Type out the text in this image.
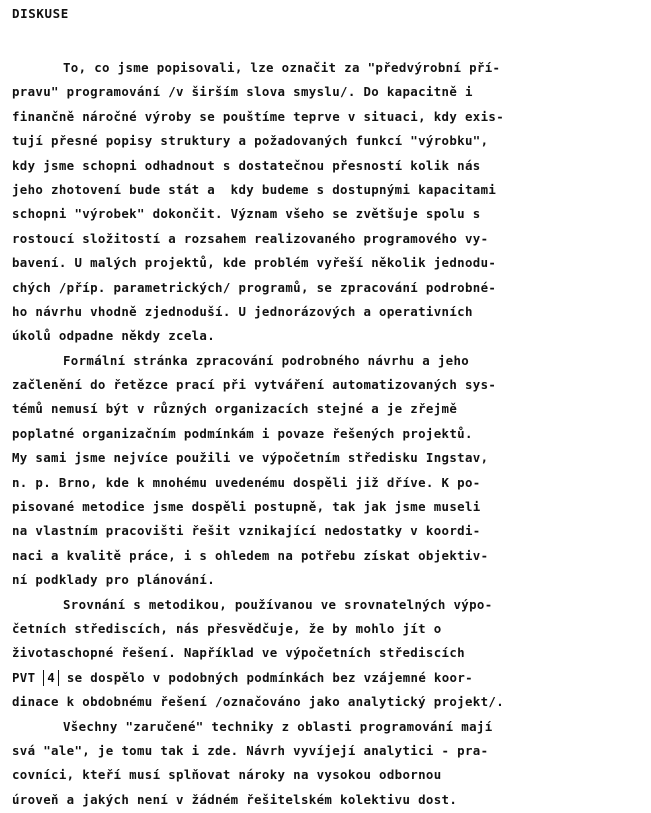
DISKUSE
To, co jsme popisovali, lze označit za "předvýrobní pří-
pravu" programování /v širším slova smyslu/. Do kapacitně i
finančně náročné výroby se pouštíme teprve v situaci, kdy exis-
tují přesné popisy struktury a požadovaných funkcí "výrobku",
kdy jsme schopni odhadnout s dostatečnou přesností kolik nás
jeho zhotovení bude stát a  kdy budeme s dostupnými kapacitami
schopni "výrobek" dokončit. Význam všeho se zvětšuje spolu s
rostoucí složitostí a rozsahem realizovaného programového vy-
bavení. U malých projektů, kde problém vyřeší několik jednodu-
chých /příp. parametrických/ programů, se zpracování podrobné-
ho návrhu vhodně zjednoduší. U jednorázových a operativních
úkolů odpadne někdy zcela.
Formální stránka zpracování podrobného návrhu a jeho
začlenění do řetězce prací při vytváření automatizovaných sys-
témů nemusí být v různých organizacích stejné a je zřejmě
poplatné organizačním podmínkám i povaze řešených projektů.
My sami jsme nejvíce použili ve výpočetním středisku Ingstav,
n. p. Brno, kde k mnohému uvedenému dospěli již dříve. K po-
pisované metodice jsme dospěli postupně, tak jak jsme museli
na vlastním pracovišti řešit vznikající nedostatky v koordi-
naci a kvalitě práce, i s ohledem na potřebu získat objektiv-
ní podklady pro plánování.
Srovnání s metodikou, používanou ve srovnatelných výpo-
četních střediscích, nás přesvědčuje, že by mohlo jít o
životaschopné řešení. Například ve výpočetních střediscích
PVT 4 se dospělo v podobných podmínkách bez vzájemné koor-
dinace k obdobnému řešení /označováno jako analytický projekt/.
Všechny "zaručené" techniky z oblasti programování mají
svá "ale", je tomu tak i zde. Návrh vyvíjejí analytici - pra-
covníci, kteří musí splňovat nároky na vysokou odbornou
úroveň a jakých není v žádném řešitelském kolektivu dost.
